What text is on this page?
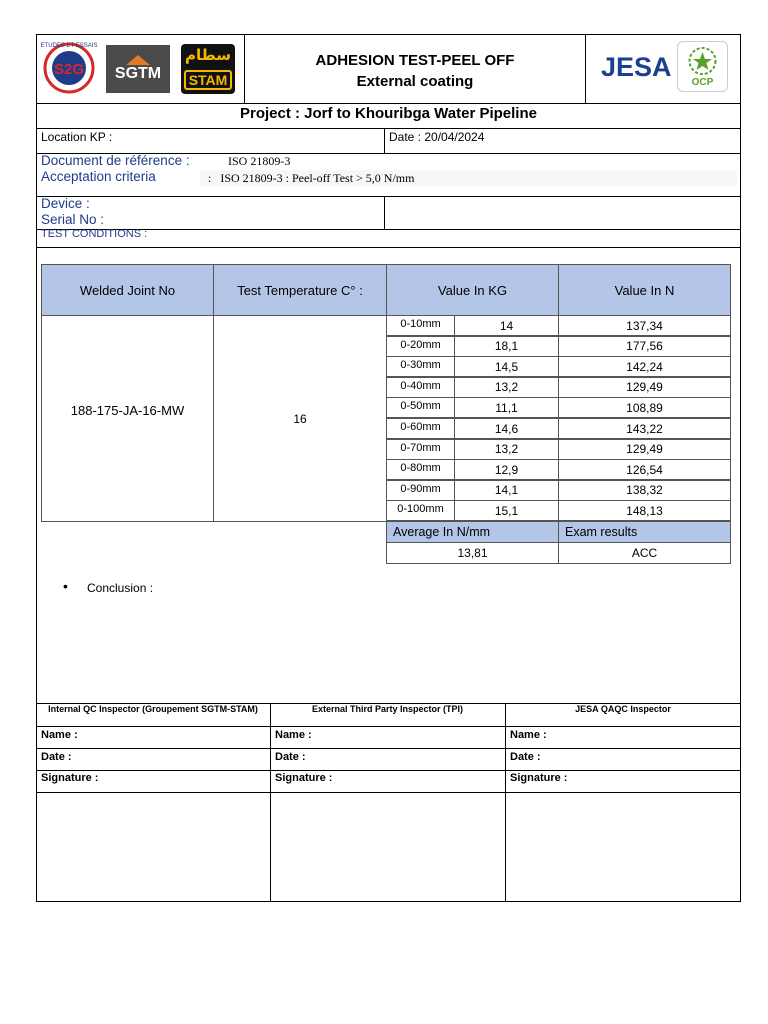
S2G
ETUDES ET ESSAIS
SGTM
سطام
STAM
ADHESION TEST-PEEL OFF
External coating	JESA
OCP
Project : Jorf to Khouribga Water Pipeline
Location KP :	Date : 20/04/2024
Document de référence :	ISO 21809-3
Acceptation criteria	:   ISO 21809-3 : Peel-off Test > 5,0 N/mm
Device :
Serial No :
TEST CONDITIONS :
Welded Joint No	Test Temperature C° :	Value In KG	Value In N
188-175-JA-16-MW
16
0-10mm	14	137,34
0-20mm	18,1	177,56
0-30mm	14,5	142,24
0-40mm	13,2	129,49
0-50mm	11,1	108,89
0-60mm	14,6	143,22
0-70mm	13,2	129,49
0-80mm	12,9	126,54
0-90mm	14,1	138,32
0-100mm	15,1	148,13
Average In N/mm	Exam results
13,81	ACC
• Conclusion :
Internal QC Inspector (Groupement SGTM-STAM)	External Third Party Inspector (TPI)	JESA QAQC Inspector
Name :	Name :	Name :
Date :	Date :	Date :
Signature :	Signature :	Signature :
